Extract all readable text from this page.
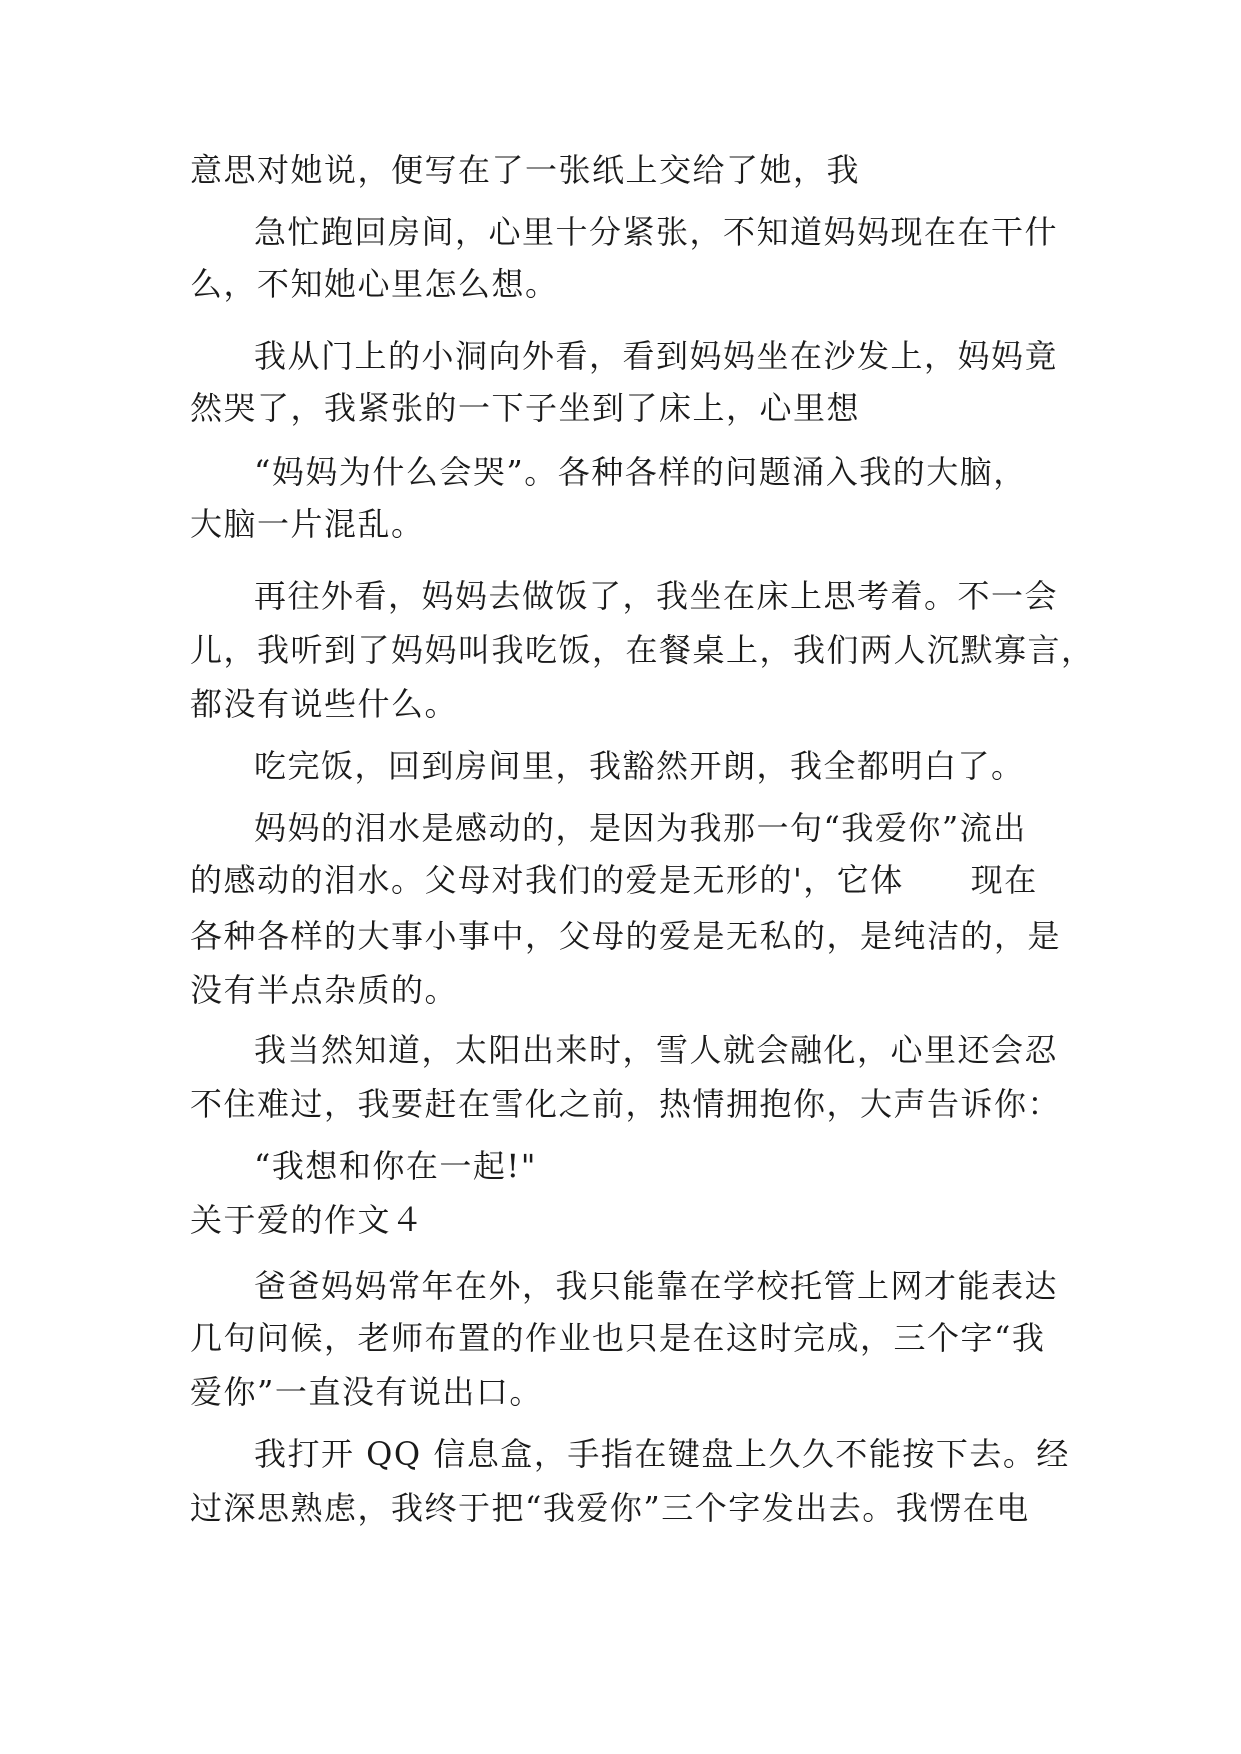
意思对她说，便写在了一张纸上交给了她，我
急忙跑回房间，心里十分紧张，不知道妈妈现在在干什
么，不知她心里怎么想。
我从门上的小洞向外看，看到妈妈坐在沙发上，妈妈竟
然哭了，我紧张的一下子坐到了床上，心里想
“妈妈为什么会哭”。各种各样的问题涌入我的大脑，
大脑一片混乱。
再往外看，妈妈去做饭了，我坐在床上思考着。不一会
儿，我听到了妈妈叫我吃饭，在餐桌上，我们两人沉默寡言，
都没有说些什么。
吃完饭，回到房间里，我豁然开朗，我全都明白了。
妈妈的泪水是感动的，是因为我那一句“我爱你”流出
的感动的泪水。父母对我们的爱是无形的'，它体　　现在
各种各样的大事小事中，父母的爱是无私的，是纯洁的，是
没有半点杂质的。
我当然知道，太阳出来时，雪人就会融化，心里还会忍
不住难过，我要赶在雪化之前，热情拥抱你，大声告诉你：
“我想和你在一起!"
关于爱的作文４
爸爸妈妈常年在外，我只能靠在学校托管上网才能表达
几句问候，老师布置的作业也只是在这时完成，三个字“我
爱你”一直没有说出口。
我打开 QQ 信息盒，手指在键盘上久久不能按下去。经
过深思熟虑，我终于把“我爱你”三个字发出去。我愣在电
